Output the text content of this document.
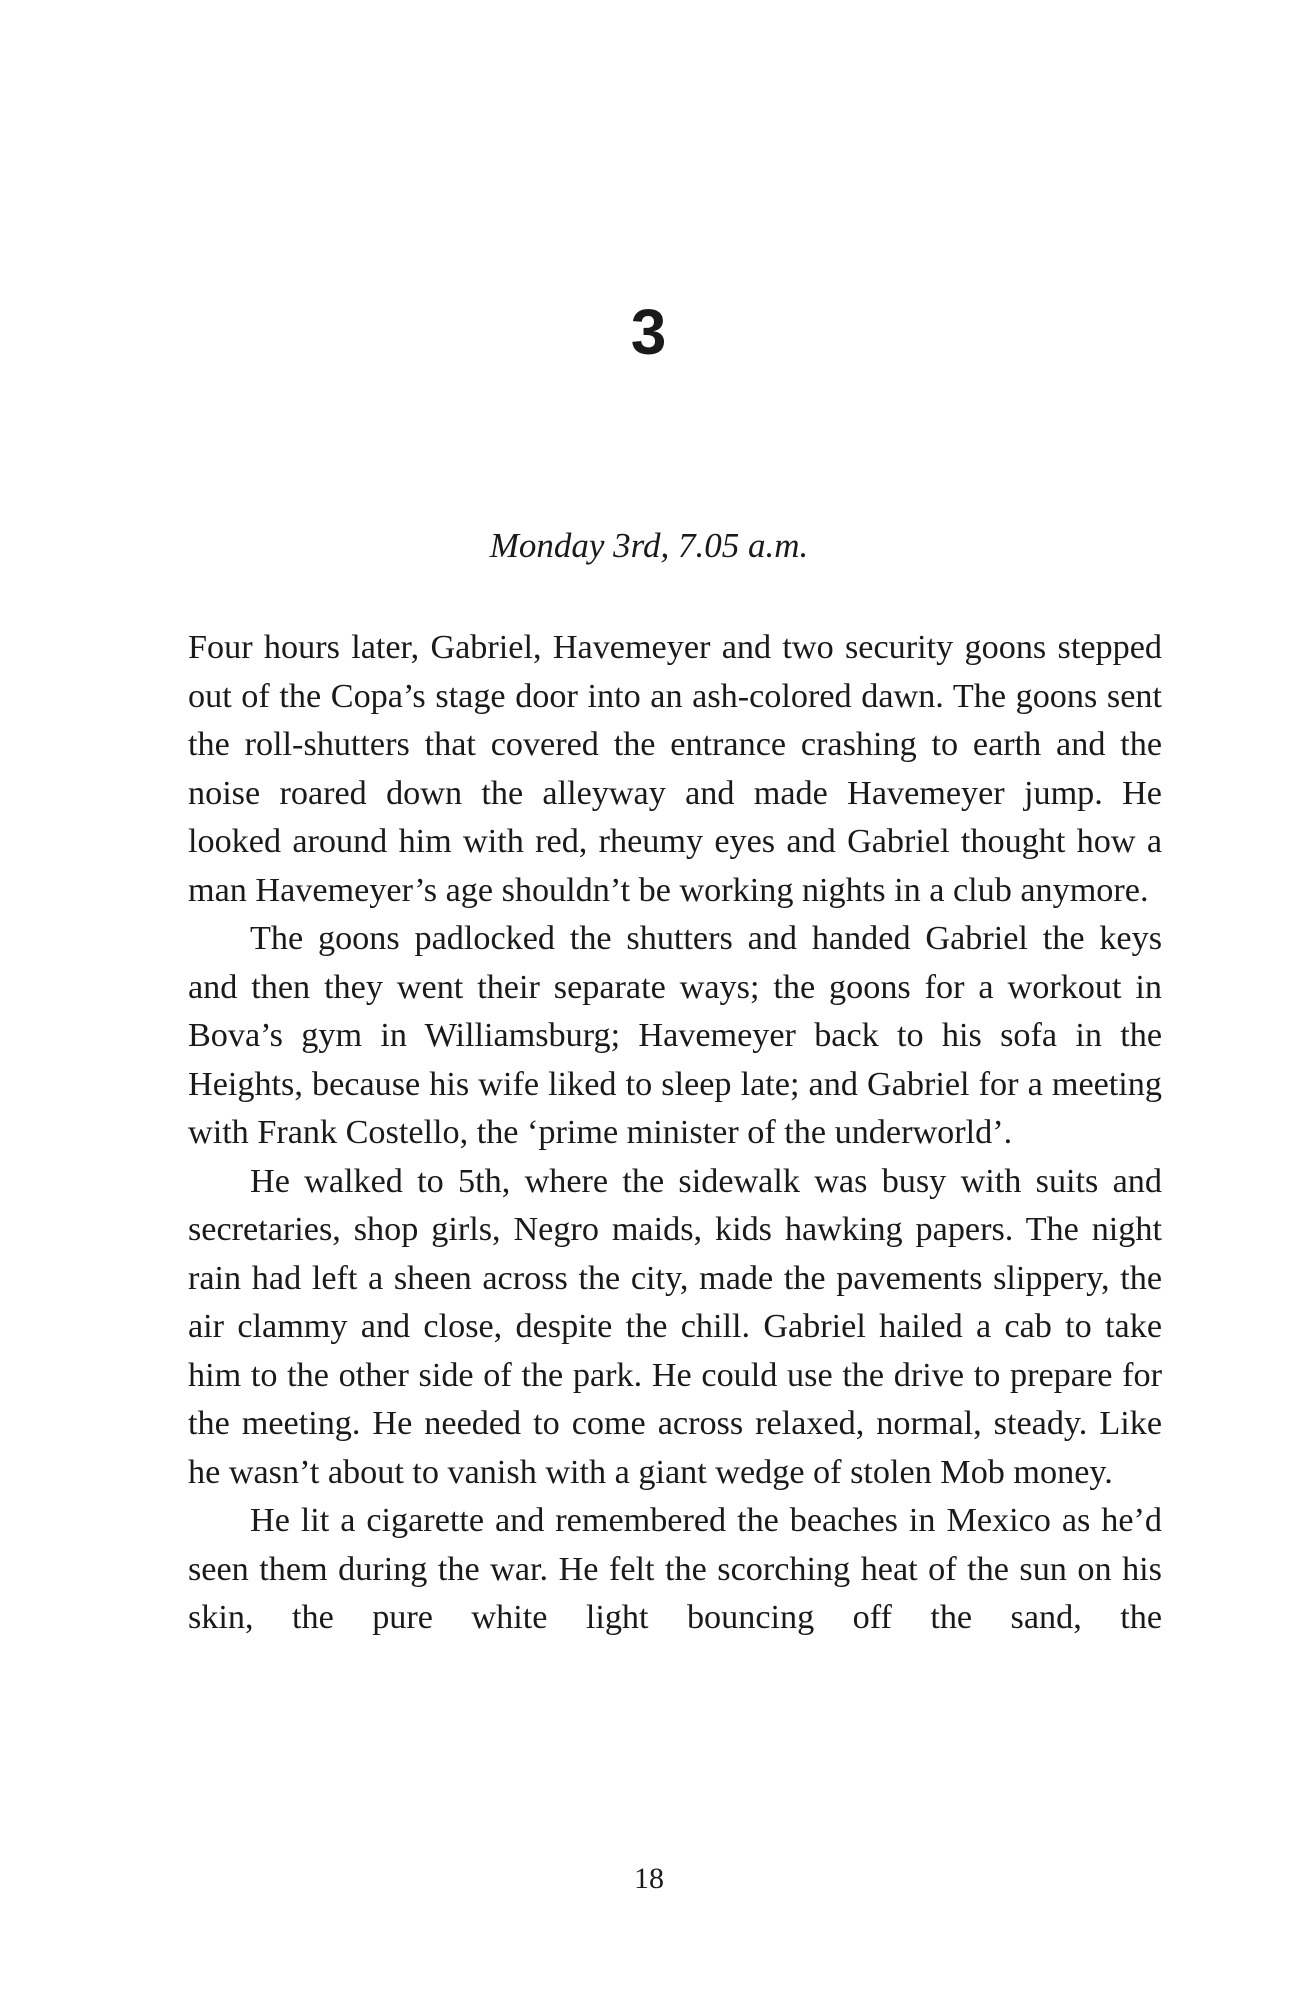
3
Monday 3rd, 7.05 a.m.

Four hours later, Gabriel, Havemeyer and two security goons stepped out of the Copa’s stage door into an ash-colored dawn. The goons sent the roll-shutters that covered the entrance crashing to earth and the noise roared down the alleyway and made Havemeyer jump. He looked around him with red, rheumy eyes and Gabriel thought how a man Havemeyer’s age shouldn’t be working nights in a club anymore.

The goons padlocked the shutters and handed Gabriel the keys and then they went their separate ways; the goons for a workout in Bova’s gym in Williamsburg; Havemeyer back to his sofa in the Heights, because his wife liked to sleep late; and Gabriel for a meeting with Frank Costello, the ‘prime minister of the underworld’.

He walked to 5th, where the sidewalk was busy with suits and secretaries, shop girls, Negro maids, kids hawking papers. The night rain had left a sheen across the city, made the pavements slippery, the air clammy and close, despite the chill. Gabriel hailed a cab to take him to the other side of the park. He could use the drive to prepare for the meeting. He needed to come across relaxed, normal, steady. Like he wasn’t about to vanish with a giant wedge of stolen Mob money.

He lit a cigarette and remembered the beaches in Mexico as he’d seen them during the war. He felt the scorching heat of the sun on his skin, the pure white light bouncing off the sand, the

18
